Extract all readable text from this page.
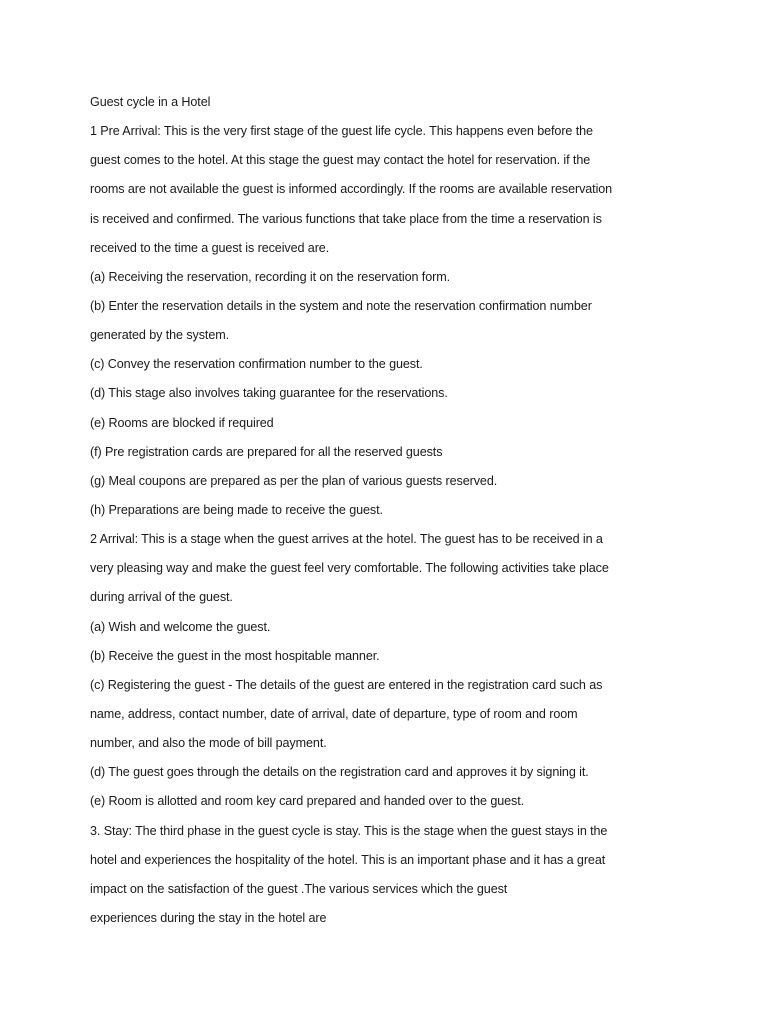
Guest cycle in a Hotel
1 Pre Arrival: This is the very first stage of the guest life cycle. This happens even before the
guest comes to the hotel. At this stage the guest may contact the hotel for reservation. if the
rooms are not available the guest is informed accordingly. If the rooms are available reservation
is received and confirmed. The various functions that take place from the time a reservation is
received to the time a guest is received are.
(a) Receiving the reservation, recording it on the reservation form.
(b) Enter the reservation details in the system and note the reservation confirmation number
generated by the system.
(c) Convey the reservation confirmation number to the guest.
(d) This stage also involves taking guarantee for the reservations.
(e) Rooms are blocked if required
(f) Pre registration cards are prepared for all the reserved guests
(g) Meal coupons are prepared as per the plan of various guests reserved.
(h) Preparations are being made to receive the guest.
2 Arrival: This is a stage when the guest arrives at the hotel. The guest has to be received in a
very pleasing way and make the guest feel very comfortable. The following activities take place
during arrival of the guest.
(a) Wish and welcome the guest.
(b) Receive the guest in the most hospitable manner.
(c) Registering the guest - The details of the guest are entered in the registration card such as
name, address, contact number, date of arrival, date of departure, type of room and room
number, and also the mode of bill payment.
(d) The guest goes through the details on the registration card and approves it by signing it.
(e) Room is allotted and room key card prepared and handed over to the guest.
3. Stay: The third phase in the guest cycle is stay. This is the stage when the guest stays in the
hotel and experiences the hospitality of the hotel. This is an important phase and it has a great
impact on the satisfaction of the guest .The various services which the guest
experiences during the stay in the hotel are
